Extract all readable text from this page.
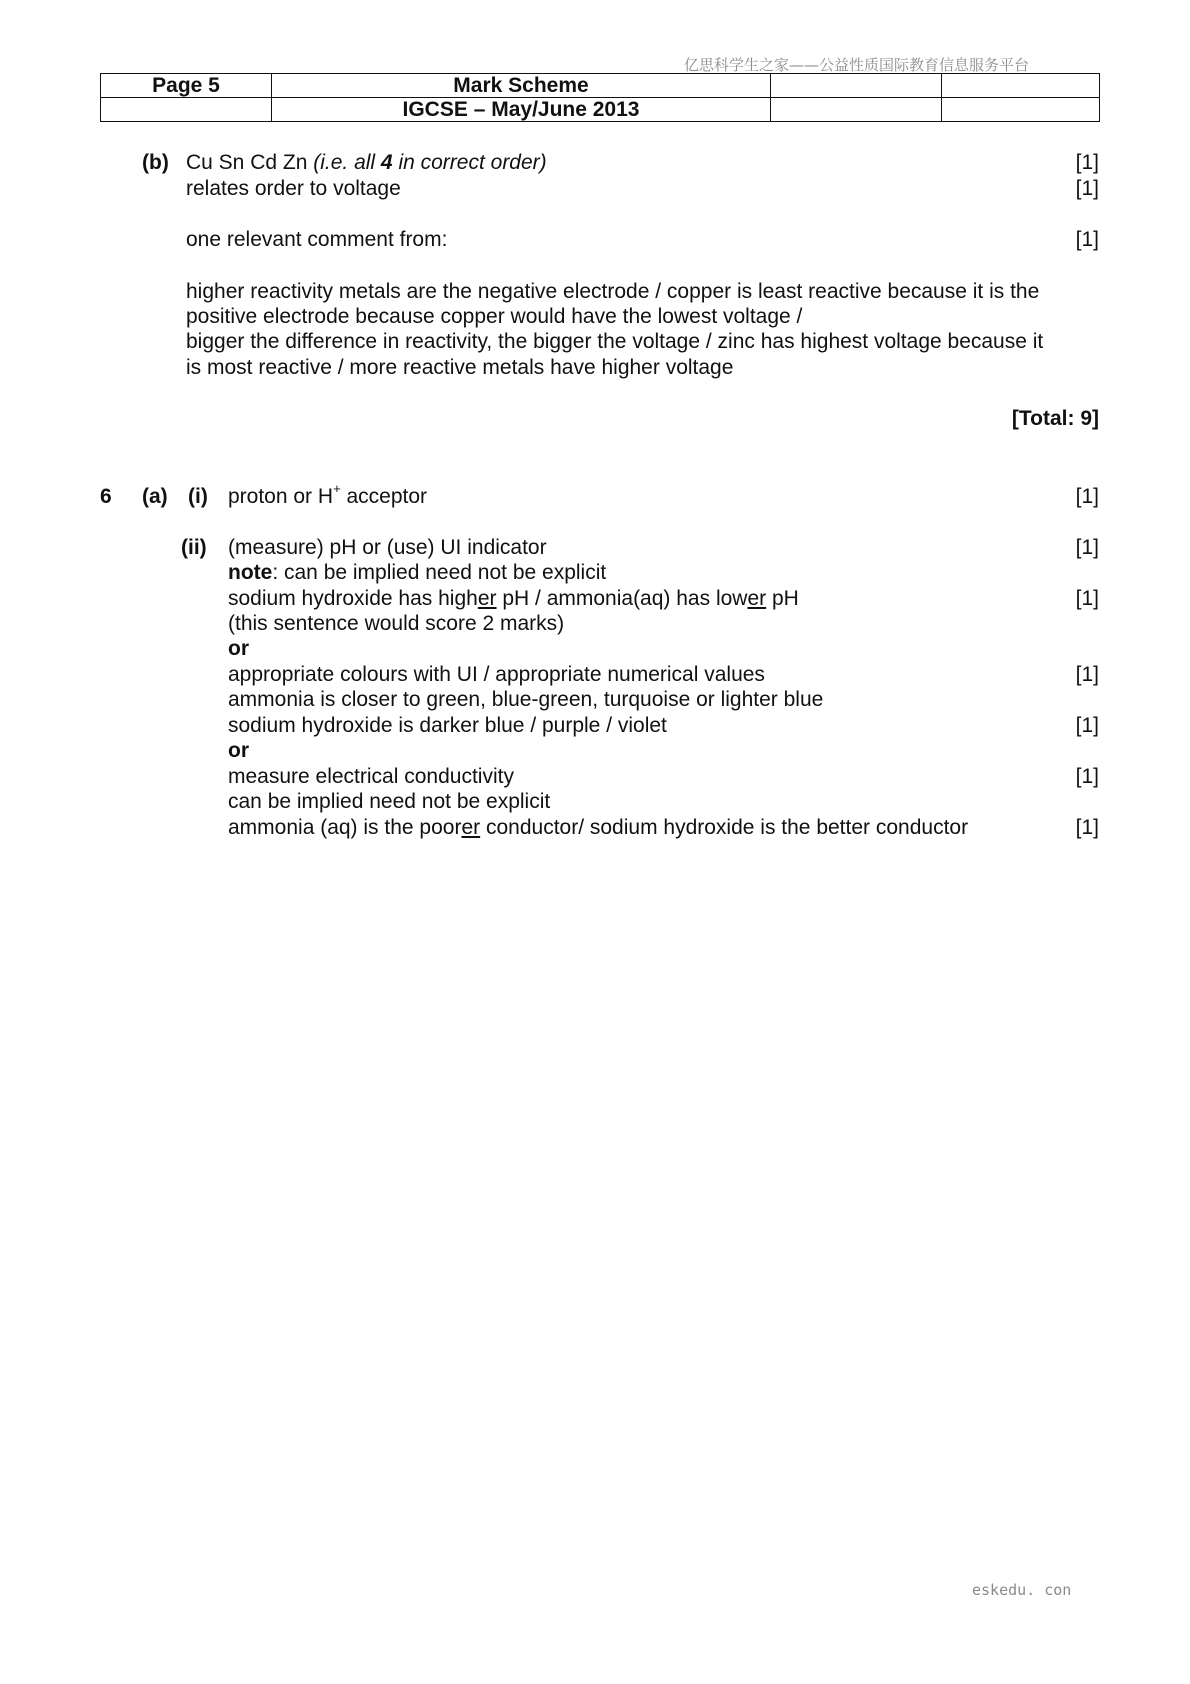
亿思科学生之家——公益性质国际教育信息服务平台
Page 5	Mark Scheme		
	IGCSE – May/June 2013		
(b) Cu Sn Cd Zn (i.e. all 4 in correct order)	[1]
relates order to voltage	[1]
one relevant comment from:	[1]
higher reactivity metals are the negative electrode / copper is least reactive because it is the
positive electrode because copper would have the lowest voltage /
bigger the difference in reactivity, the bigger the voltage / zinc has highest voltage because it
is most reactive / more reactive metals have higher voltage
[Total: 9]
6 (a) (i) proton or H+ acceptor	[1]
(ii) (measure) pH or (use) UI indicator	[1]
note: can be implied need not be explicit
sodium hydroxide has higher pH / ammonia(aq) has lower pH	[1]
(this sentence would score 2 marks)
or
appropriate colours with UI / appropriate numerical values	[1]
ammonia is closer to green, blue-green, turquoise or lighter blue
sodium hydroxide is darker blue / purple / violet	[1]
or
measure electrical conductivity	[1]
can be implied need not be explicit
ammonia (aq) is the poorer conductor/ sodium hydroxide is the better conductor	[1]
eskedu. con
